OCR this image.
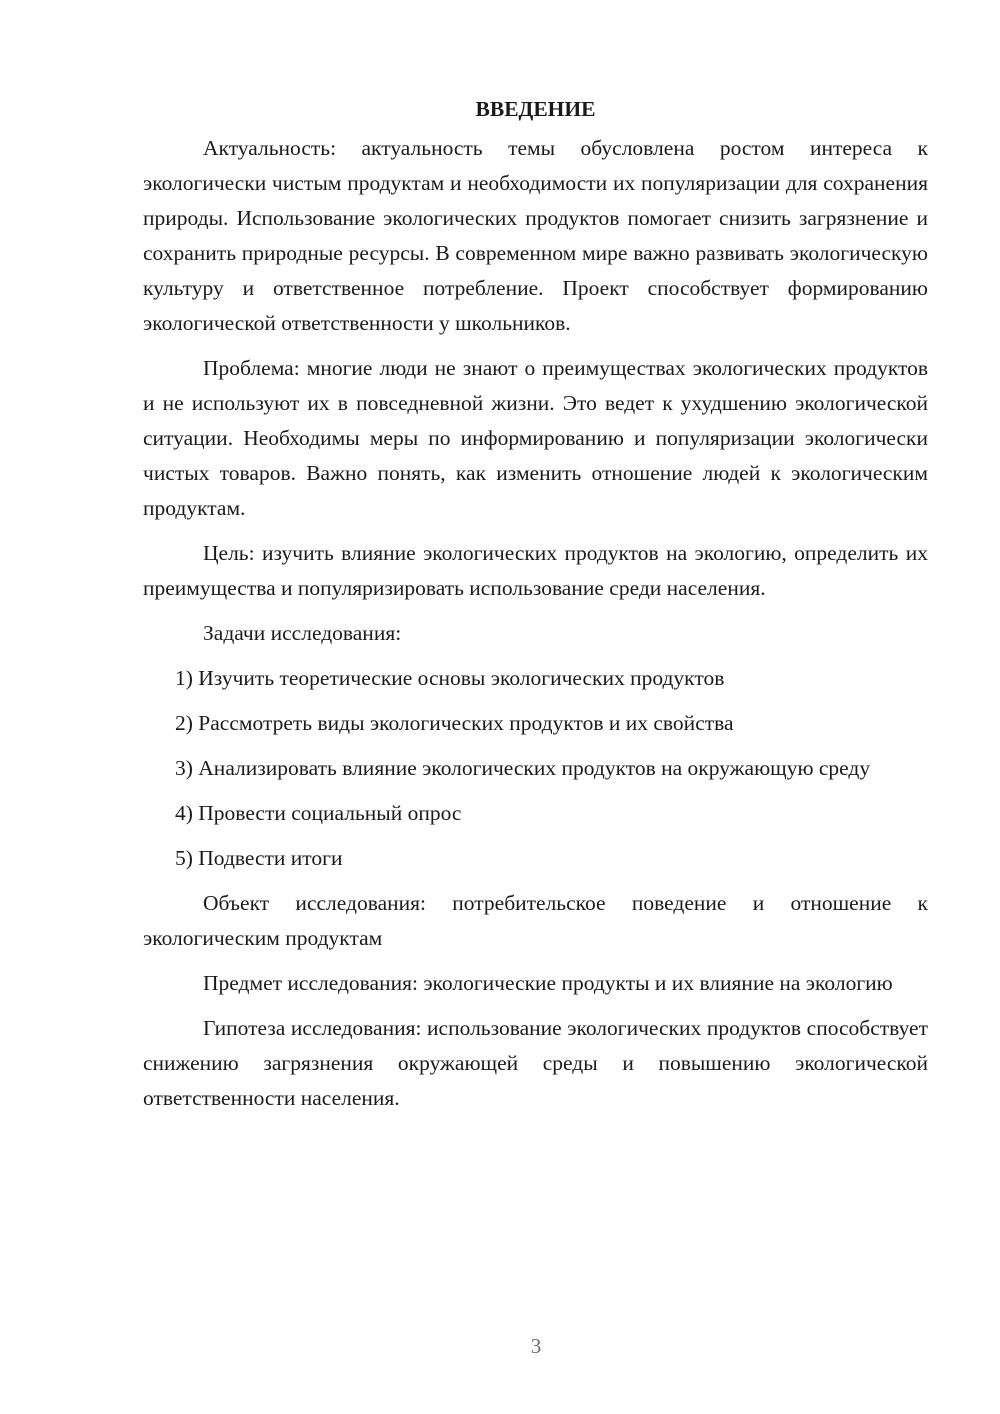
ВВЕДЕНИЕ

Актуальность: актуальность темы обусловлена ростом интереса к экологически чистым продуктам и необходимости их популяризации для сохранения природы. Использование экологических продуктов помогает снизить загрязнение и сохранить природные ресурсы. В современном мире важно развивать экологическую культуру и ответственное потребление. Проект способствует формированию экологической ответственности у школьников.

Проблема: многие люди не знают о преимуществах экологических продуктов и не используют их в повседневной жизни. Это ведет к ухудшению экологической ситуации. Необходимы меры по информированию и популяризации экологически чистых товаров. Важно понять, как изменить отношение людей к экологическим продуктам.

Цель: изучить влияние экологических продуктов на экологию, определить их преимущества и популяризировать использование среди населения.

Задачи исследования:

1) Изучить теоретические основы экологических продуктов

2) Рассмотреть виды экологических продуктов и их свойства

3) Анализировать влияние экологических продуктов на окружающую среду

4) Провести социальный опрос

5) Подвести итоги

Объект исследования: потребительское поведение и отношение к экологическим продуктам

Предмет исследования: экологические продукты и их влияние на экологию

Гипотеза исследования: использование экологических продуктов способствует снижению загрязнения окружающей среды и повышению экологической ответственности населения.

3
